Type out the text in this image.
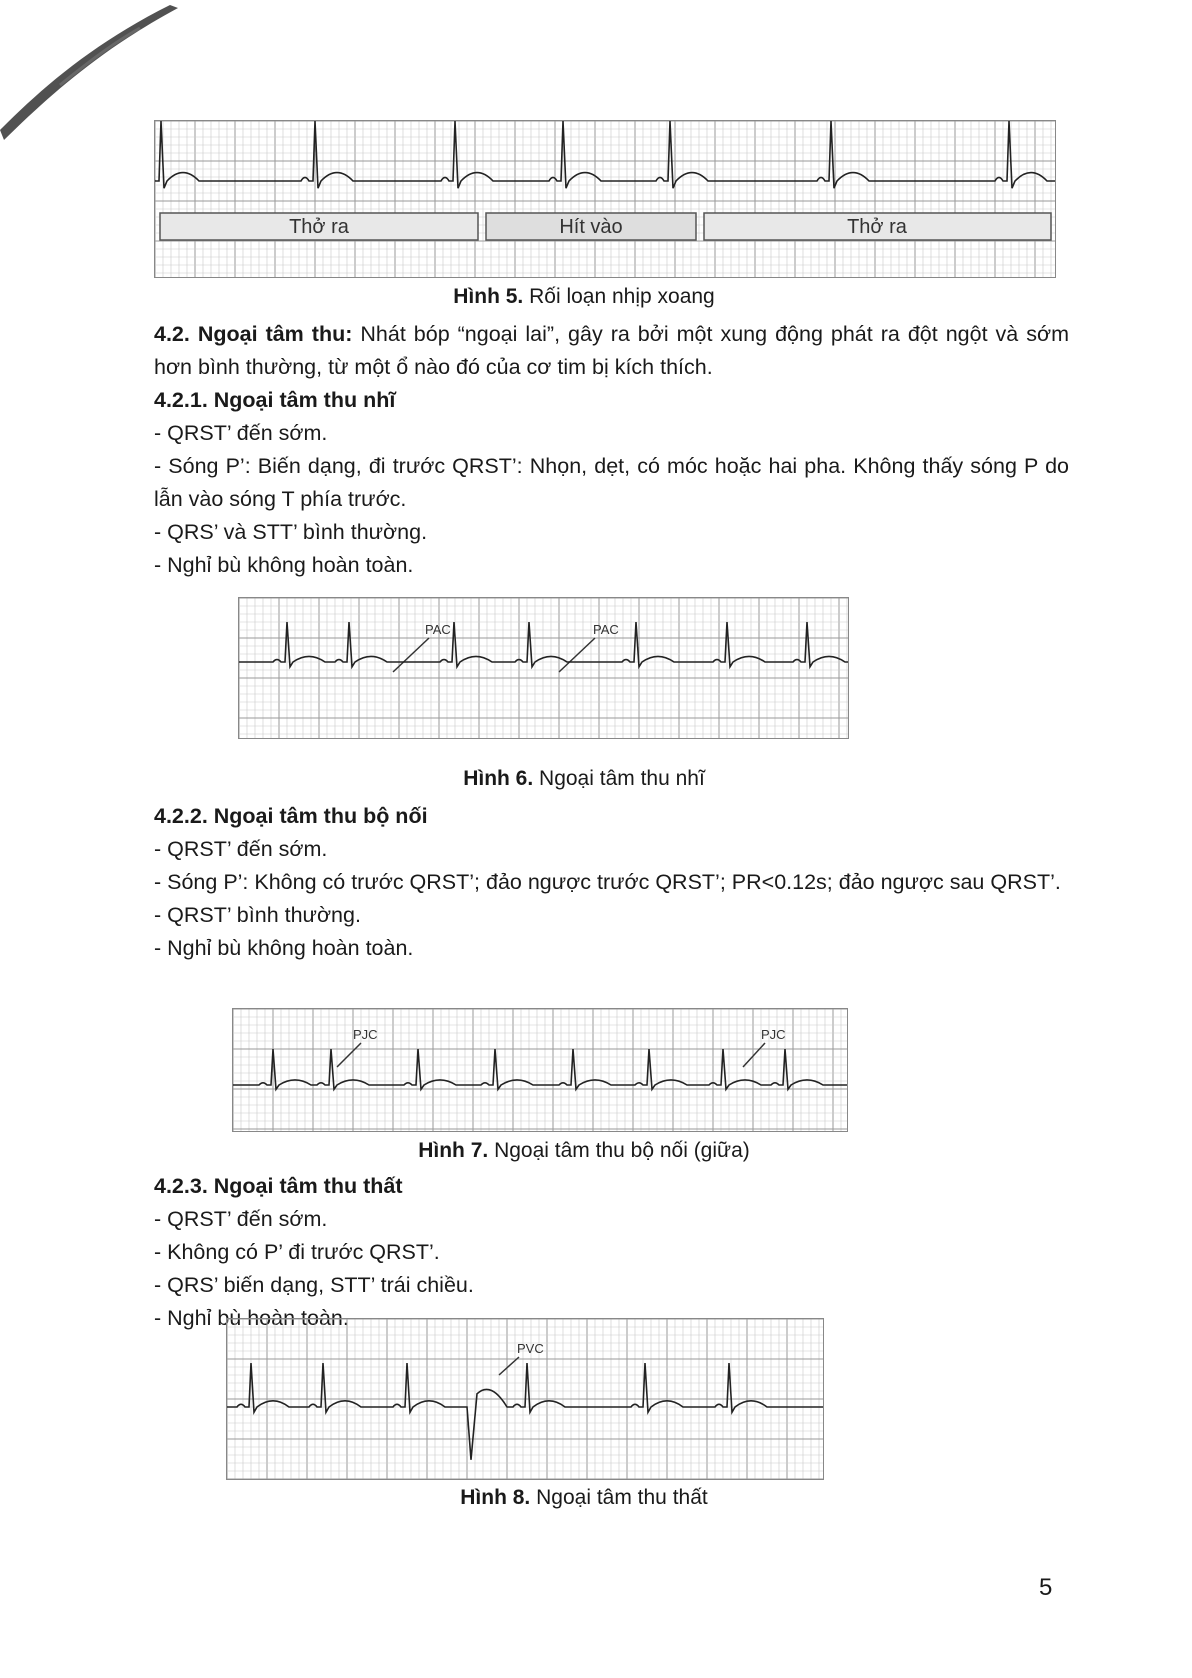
Thở ra	Hít vào	Thở ra
Hình 5. Rối loạn nhịp xoang

4.2. Ngoại tâm thu: Nhát bóp “ngoại lai”, gây ra bởi một xung động phát ra đột ngột và sớm hơn bình thường, từ một ổ nào đó của cơ tim bị kích thích.

4.2.1. Ngoại tâm thu nhĩ

- QRST’ đến sớm.

- Sóng P’: Biến dạng, đi trước QRST’: Nhọn, dẹt, có móc hoặc hai pha. Không thấy sóng P do lẫn vào sóng T phía trước.

- QRS’ và STT’ bình thường.

- Nghỉ bù không hoàn toàn.

PAC	PAC
Hình 6. Ngoại tâm thu nhĩ

4.2.2. Ngoại tâm thu bộ nối

- QRST’ đến sớm.

- Sóng P’: Không có trước QRST’; đảo ngược trước QRST’; PR<0.12s; đảo ngược sau QRST’.

- QRST’ bình thường.

- Nghỉ bù không hoàn toàn.

PJC	PJC
Hình 7. Ngoại tâm thu bộ nối (giữa)

4.2.3. Ngoại tâm thu thất

- QRST’ đến sớm.

- Không có P’ đi trước QRST’.

- QRS’ biến dạng, STT’ trái chiều.

- Nghỉ bù hoàn toàn.

PVC
Hình 8. Ngoại tâm thu thất
5
